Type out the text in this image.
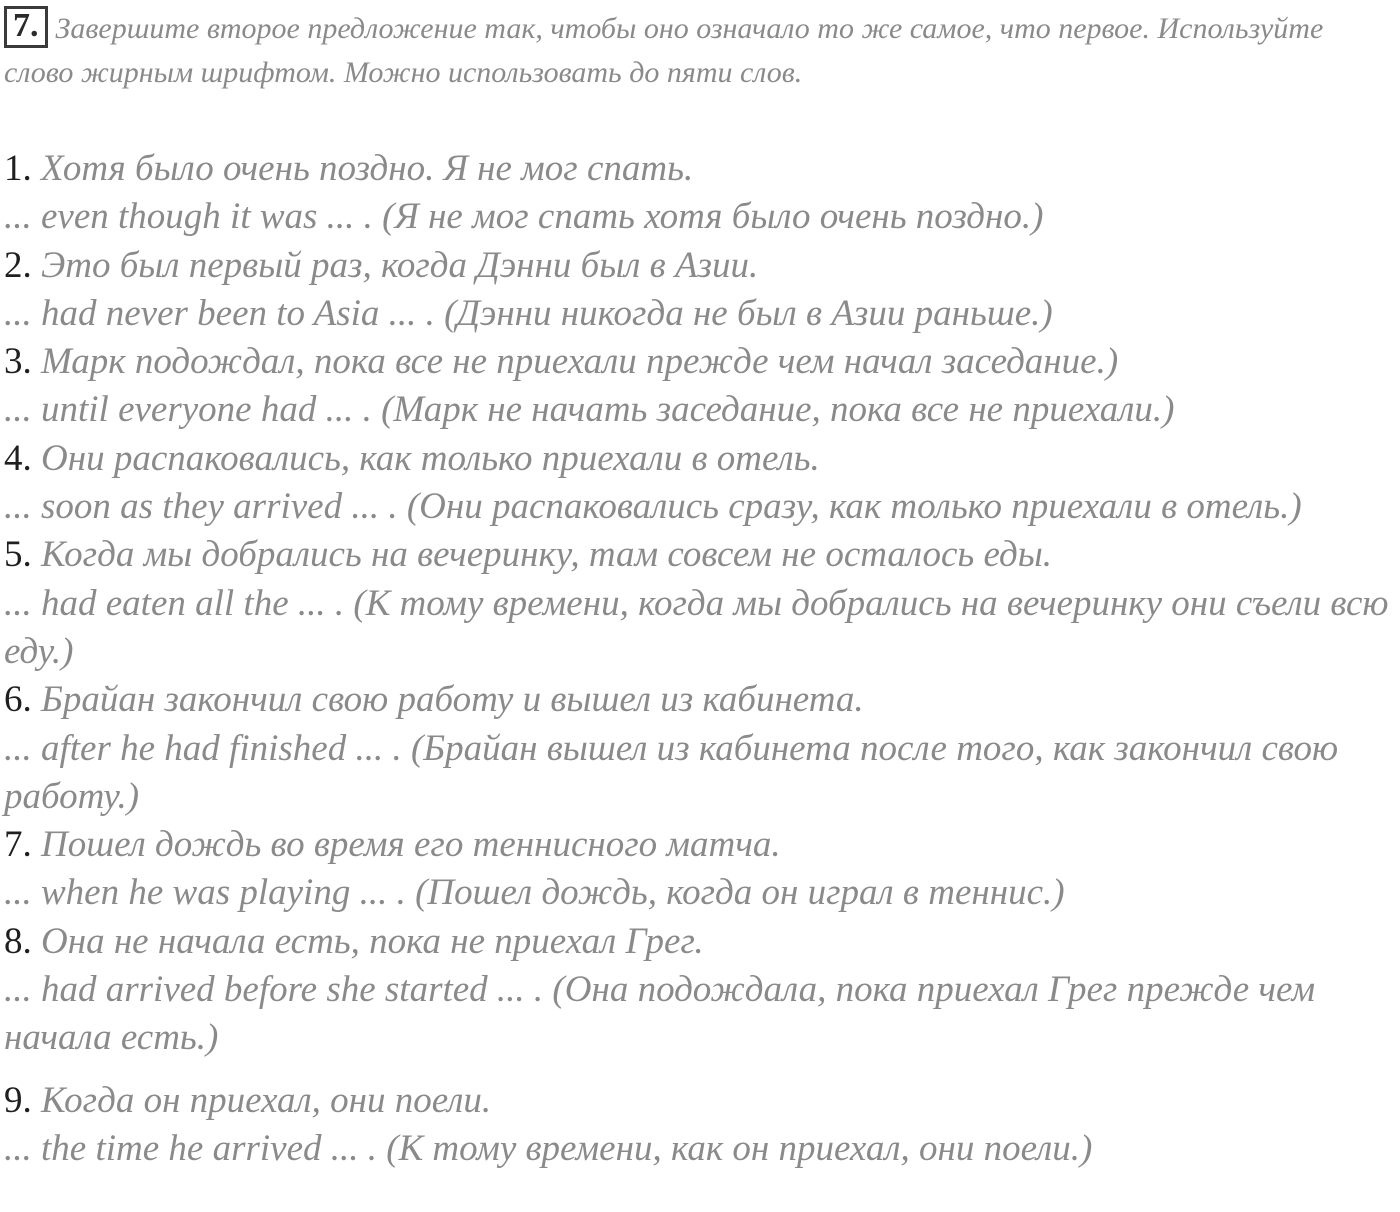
7. Завершите второе предложение так, чтобы оно означало то же самое, что первое. Используйте слово жирным шрифтом. Можно использовать до пяти слов.
1. Хотя было очень поздно. Я не мог спать.
... even though it was ... . (Я не мог спать хотя было очень поздно.)
2. Это был первый раз, когда Дэнни был в Азии.
... had never been to Asia ... . (Дэнни никогда не был в Азии раньше.)
3. Марк подождал, пока все не приехали прежде чем начал заседание.)
... until everyone had ... . (Марк не начать заседание, пока все не приехали.)
4. Они распаковались, как только приехали в отель.
... soon as they arrived ... . (Они распаковались сразу, как только приехали в отель.)
5. Когда мы добрались на вечеринку, там совсем не осталось еды.
... had eaten all the ... . (К тому времени, когда мы добрались на вечеринку они съели всю еду.)
6. Брайан закончил свою работу и вышел из кабинета.
... after he had finished ... . (Брайан вышел из кабинета после того, как закончил свою работу.)
7. Пошел дождь во время его теннисного матча.
... when he was playing ... . (Пошел дождь, когда он играл в теннис.)
8. Она не начала есть, пока не приехал Грег.
... had arrived before she started ... . (Она подождала, пока приехал Грег прежде чем начала есть.)
9. Когда он приехал, они поели.
... the time he arrived ... . (К тому времени, как он приехал, они поели.)
